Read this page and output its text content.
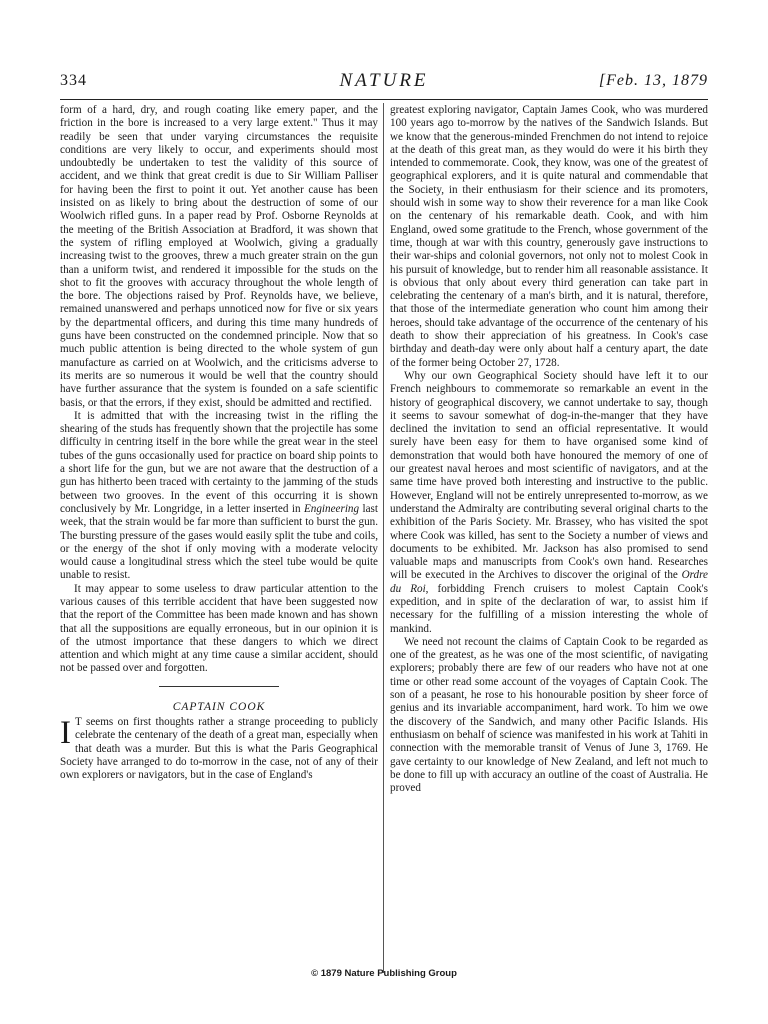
334	NATURE	[Feb. 13, 1879

form of a hard, dry, and rough coating like emery paper, and the friction in the bore is increased to a very large extent." Thus it may readily be seen that under varying circumstances the requisite conditions are very likely to occur, and experiments should most undoubtedly be undertaken to test the validity of this source of accident, and we think that great credit is due to Sir William Palliser for having been the first to point it out. Yet another cause has been insisted on as likely to bring about the destruction of some of our Woolwich rifled guns. In a paper read by Prof. Osborne Reynolds at the meeting of the British Association at Bradford, it was shown that the system of rifling employed at Woolwich, giving a gradually increasing twist to the grooves, threw a much greater strain on the gun than a uniform twist, and rendered it impossible for the studs on the shot to fit the grooves with accuracy throughout the whole length of the bore. The objections raised by Prof. Reynolds have, we believe, remained unanswered and perhaps unnoticed now for five or six years by the departmental officers, and during this time many hundreds of guns have been constructed on the condemned principle. Now that so much public attention is being directed to the whole system of gun manufacture as carried on at Woolwich, and the criticisms adverse to its merits are so numerous it would be well that the country should have further assurance that the system is founded on a safe scientific basis, or that the errors, if they exist, should be admitted and rectified.

It is admitted that with the increasing twist in the rifling the shearing of the studs has frequently shown that the projectile has some difficulty in centring itself in the bore while the great wear in the steel tubes of the guns occasionally used for practice on board ship points to a short life for the gun, but we are not aware that the destruction of a gun has hitherto been traced with certainty to the jamming of the studs between two grooves. In the event of this occurring it is shown conclusively by Mr. Longridge, in a letter inserted in Engineering last week, that the strain would be far more than sufficient to burst the gun. The bursting pressure of the gases would easily split the tube and coils, or the energy of the shot if only moving with a moderate velocity would cause a longitudinal stress which the steel tube would be quite unable to resist.

It may appear to some useless to draw particular attention to the various causes of this terrible accident that have been suggested now that the report of the Committee has been made known and has shown that all the suppositions are equally erroneous, but in our opinion it is of the utmost importance that these dangers to which we direct attention and which might at any time cause a similar accident, should not be passed over and forgotten.

CAPTAIN COOK

I T seems on first thoughts rather a strange proceeding to publicly celebrate the centenary of the death of a great man, especially when that death was a murder. But this is what the Paris Geographical Society have arranged to do to-morrow in the case, not of any of their own explorers or navigators, but in the case of England's

greatest exploring navigator, Captain James Cook, who was murdered 100 years ago to-morrow by the natives of the Sandwich Islands. But we know that the generous-minded Frenchmen do not intend to rejoice at the death of this great man, as they would do were it his birth they intended to commemorate. Cook, they know, was one of the greatest of geographical explorers, and it is quite natural and commendable that the Society, in their enthusiasm for their science and its promoters, should wish in some way to show their reverence for a man like Cook on the centenary of his remarkable death. Cook, and with him England, owed some gratitude to the French, whose government of the time, though at war with this country, generously gave instructions to their war-ships and colonial governors, not only not to molest Cook in his pursuit of knowledge, but to render him all reasonable assistance. It is obvious that only about every third generation can take part in celebrating the centenary of a man's birth, and it is natural, therefore, that those of the intermediate generation who count him among their heroes, should take advantage of the occurrence of the centenary of his death to show their appreciation of his greatness. In Cook's case birthday and death-day were only about half a century apart, the date of the former being October 27, 1728.

Why our own Geographical Society should have left it to our French neighbours to commemorate so remarkable an event in the history of geographical discovery, we cannot undertake to say, though it seems to savour somewhat of dog-in-the-manger that they have declined the invitation to send an official representative. It would surely have been easy for them to have organised some kind of demonstration that would both have honoured the memory of one of our greatest naval heroes and most scientific of navigators, and at the same time have proved both interesting and instructive to the public. However, England will not be entirely unrepresented to-morrow, as we understand the Admiralty are contributing several original charts to the exhibition of the Paris Society. Mr. Brassey, who has visited the spot where Cook was killed, has sent to the Society a number of views and documents to be exhibited. Mr. Jackson has also promised to send valuable maps and manuscripts from Cook's own hand. Researches will be executed in the Archives to discover the original of the Ordre du Roi, forbidding French cruisers to molest Captain Cook's expedition, and in spite of the declaration of war, to assist him if necessary for the fulfilling of a mission interesting the whole of mankind.

We need not recount the claims of Captain Cook to be regarded as one of the greatest, as he was one of the most scientific, of navigating explorers; probably there are few of our readers who have not at one time or other read some account of the voyages of Captain Cook. The son of a peasant, he rose to his honourable position by sheer force of genius and its invariable accompaniment, hard work. To him we owe the discovery of the Sandwich, and many other Pacific Islands. His enthusiasm on behalf of science was manifested in his work at Tahiti in connection with the memorable transit of Venus of June 3, 1769. He gave certainty to our knowledge of New Zealand, and left not much to be done to fill up with accuracy an outline of the coast of Australia. He proved

© 1879 Nature Publishing Group
